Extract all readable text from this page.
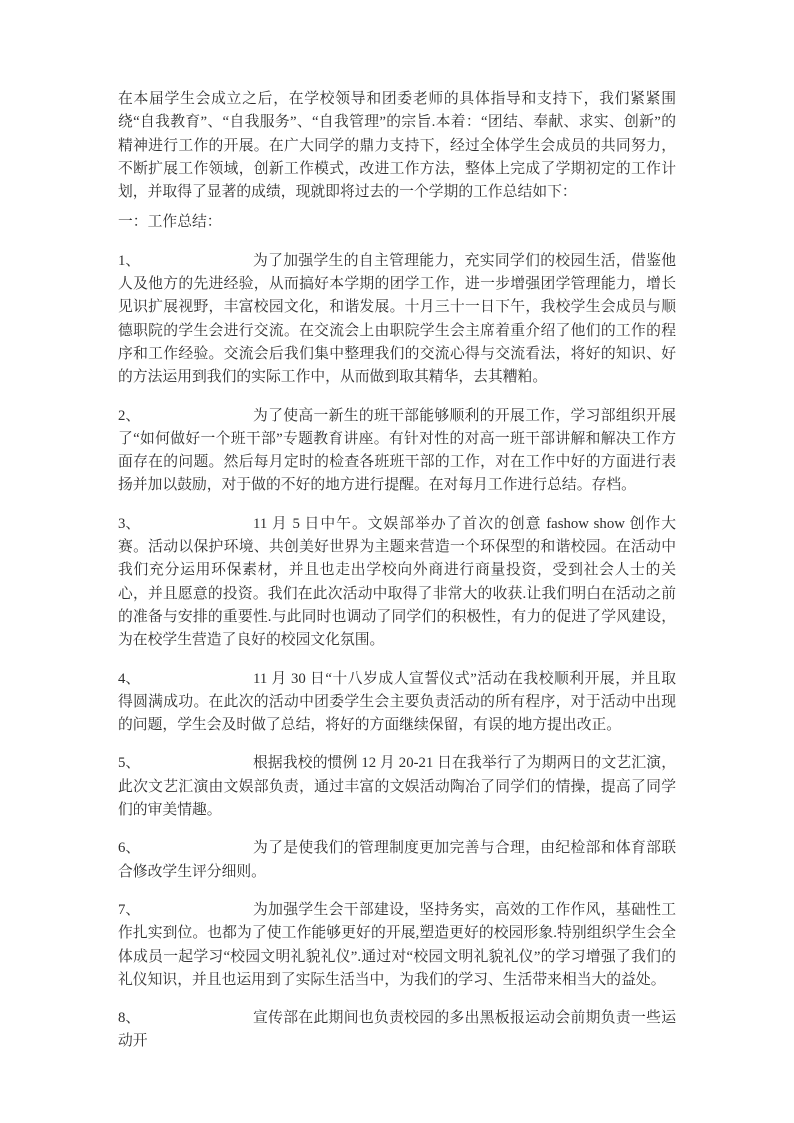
在本届学生会成立之后，在学校领导和团委老师的具体指导和支持下，我们紧紧围绕“自我教育”、“自我服务”、“自我管理”的宗旨.本着：“团结、奉献、求实、创新”的精神进行工作的开展。在广大同学的鼎力支持下，经过全体学生会成员的共同努力，不断扩展工作领域，创新工作模式，改进工作方法，整体上完成了学期初定的工作计划，并取得了显著的成绩，现就即将过去的一个学期的工作总结如下：

一：工作总结：

1、	为了加强学生的自主管理能力，充实同学们的校园生活，借鉴他人及他方的先进经验，从而搞好本学期的团学工作，进一步增强团学管理能力，增长见识扩展视野，丰富校园文化，和谐发展。十月三十一日下午，我校学生会成员与顺德职院的学生会进行交流。在交流会上由职院学生会主席着重介绍了他们的工作的程序和工作经验。交流会后我们集中整理我们的交流心得与交流看法，将好的知识、好的方法运用到我们的实际工作中，从而做到取其精华，去其糟粕。

2、	为了使高一新生的班干部能够顺利的开展工作，学习部组织开展了“如何做好一个班干部”专题教育讲座。有针对性的对高一班干部讲解和解决工作方面存在的问题。然后每月定时的检查各班班干部的工作，对在工作中好的方面进行表扬并加以鼓励，对于做的不好的地方进行提醒。在对每月工作进行总结。存档。

3、	11 月 5 日中午。文娱部举办了首次的创意 fashow show 创作大赛。活动以保护环境、共创美好世界为主题来营造一个环保型的和谐校园。在活动中我们充分运用环保素材，并且也走出学校向外商进行商量投资，受到社会人士的关心，并且愿意的投资。我们在此次活动中取得了非常大的收获.让我们明白在活动之前的准备与安排的重要性.与此同时也调动了同学们的积极性，有力的促进了学风建设，为在校学生营造了良好的校园文化氛围。

4、	11 月 30 日“十八岁成人宣誓仪式”活动在我校顺利开展，并且取得圆满成功。在此次的活动中团委学生会主要负责活动的所有程序，对于活动中出现的问题，学生会及时做了总结，将好的方面继续保留，有误的地方提出改正。

5、	根据我校的惯例 12 月 20-21 日在我举行了为期两日的文艺汇演，此次文艺汇演由文娱部负责，通过丰富的文娱活动陶冶了同学们的情操，提高了同学们的审美情趣。

6、	为了是使我们的管理制度更加完善与合理，由纪检部和体育部联合修改学生评分细则。

7、	为加强学生会干部建设，坚持务实，高效的工作作风，基础性工作扎实到位。也都为了使工作能够更好的开展,塑造更好的校园形象.特别组织学生会全体成员一起学习“校园文明礼貌礼仪”.通过对“校园文明礼貌礼仪”的学习增强了我们的礼仪知识，并且也运用到了实际生活当中，为我们的学习、生活带来相当大的益处。

8、	宣传部在此期间也负责校园的多出黑板报运动会前期负责一些运动开
